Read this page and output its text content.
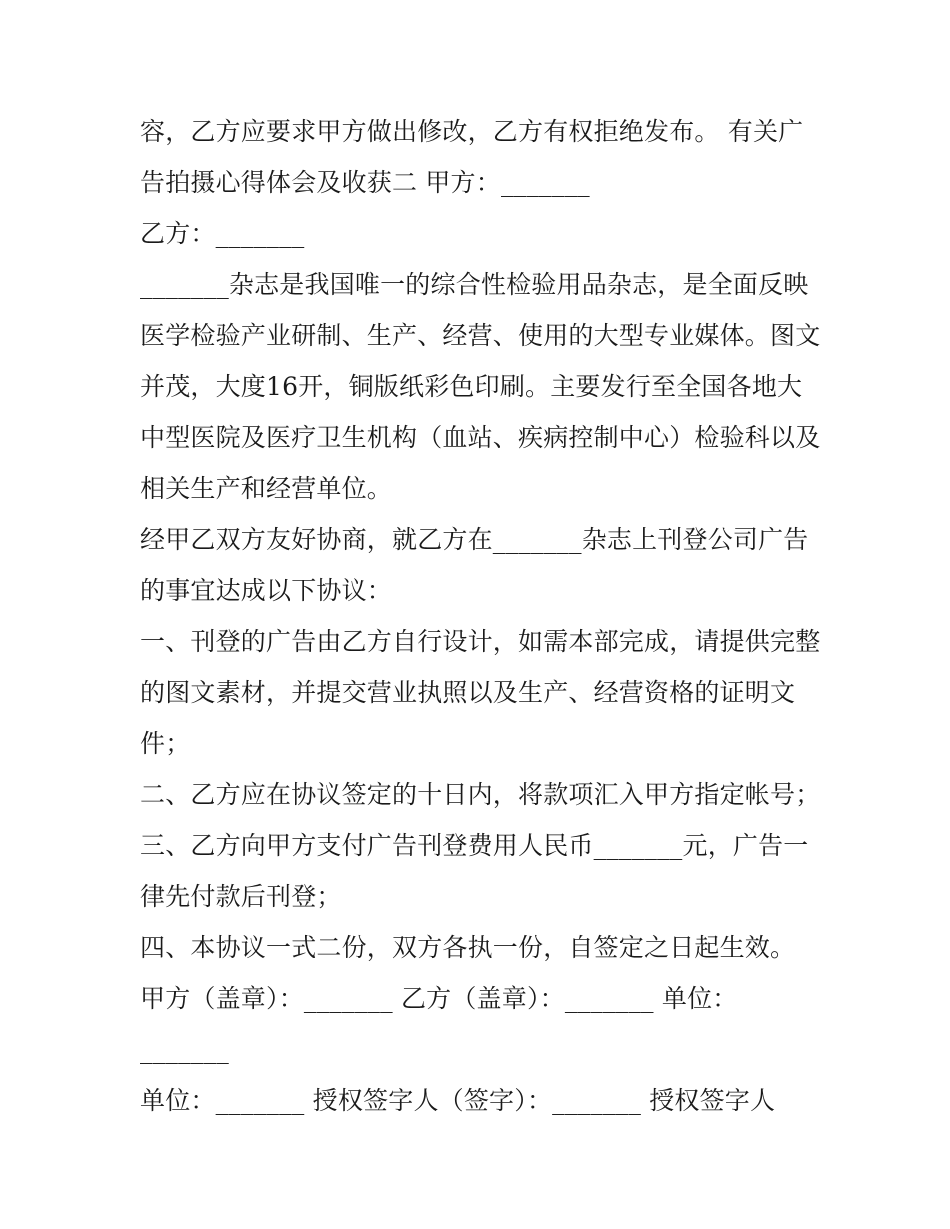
容，乙方应要求甲方做出修改，乙方有权拒绝发布。 有关广
告拍摄心得体会及收获二 甲方：_______
乙方：_______
_______杂志是我国唯一的综合性检验用品杂志，是全面反映
医学检验产业研制、生产、经营、使用的大型专业媒体。图文
并茂，大度16开，铜版纸彩色印刷。主要发行至全国各地大
中型医院及医疗卫生机构（血站、疾病控制中心）检验科以及
相关生产和经营单位。
经甲乙双方友好协商，就乙方在_______杂志上刊登公司广告
的事宜达成以下协议：
一、刊登的广告由乙方自行设计，如需本部完成，请提供完整
的图文素材，并提交营业执照以及生产、经营资格的证明文
件；
二、乙方应在协议签定的十日内，将款项汇入甲方指定帐号；
三、乙方向甲方支付广告刊登费用人民币_______元，广告一
律先付款后刊登；
四、本协议一式二份，双方各执一份，自签定之日起生效。
甲方（盖章）：_______ 乙方（盖章）：_______ 单位：
_______
单位：_______ 授权签字人（签字）：_______ 授权签字人
